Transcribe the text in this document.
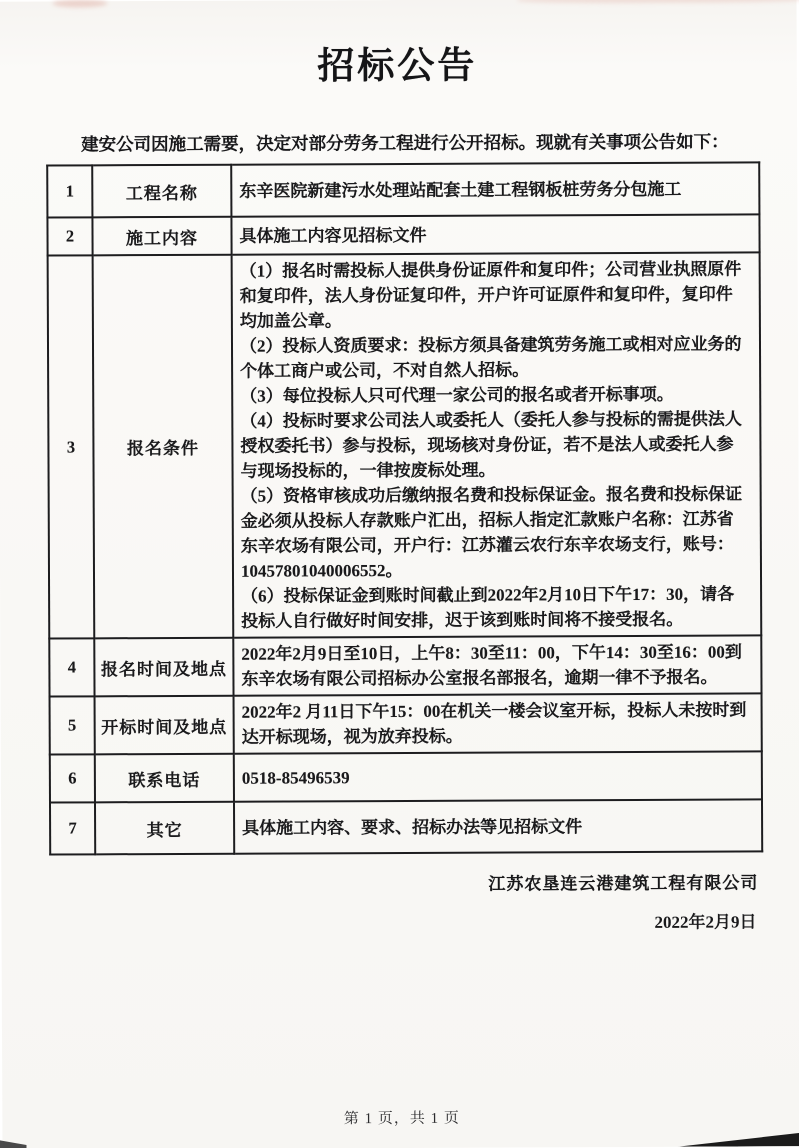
招标公告

建安公司因施工需要，决定对部分劳务工程进行公开招标。现就有关事项公告如下：

1	工程名称	东辛医院新建污水处理站配套土建工程钢板桩劳务分包施工

2	施工内容	具体施工内容见招标文件

3	报名条件	

（1）报名时需投标人提供身份证原件和复印件；公司营业执照原件和复印件，法人身份证复印件，开户许可证原件和复印件，复印件均加盖公章。

（2）投标人资质要求：投标方须具备建筑劳务施工或相对应业务的个体工商户或公司，不对自然人招标。

（3）每位投标人只可代理一家公司的报名或者开标事项。

（4）投标时要求公司法人或委托人（委托人参与投标的需提供法人授权委托书）参与投标，现场核对身份证，若不是法人或委托人参与现场投标的，一律按废标处理。

（5）资格审核成功后缴纳报名费和投标保证金。报名费和投标保证金必须从投标人存款账户汇出，招标人指定汇款账户名称：江苏省东辛农场有限公司，开户行：江苏灌云农行东辛农场支行，账号：10457801040006552。

（6）投标保证金到账时间截止到2022年2月10日下午17：30，请各投标人自行做好时间安排，迟于该到账时间将不接受报名。

4	报名时间及地点	2022年2月9日至10日，上午8：30至11：00，下午14：30至16：00到东辛农场有限公司招标办公室报名部报名，逾期一律不予报名。

5	开标时间及地点	2022年2 月11日下午15：00在机关一楼会议室开标，投标人未按时到达开标现场，视为放弃投标。

6	联系电话	0518-85496539

7	其它	具体施工内容、要求、招标办法等见招标文件

江苏农垦连云港建筑工程有限公司

2022年2月9日

第 1 页，共 1 页
